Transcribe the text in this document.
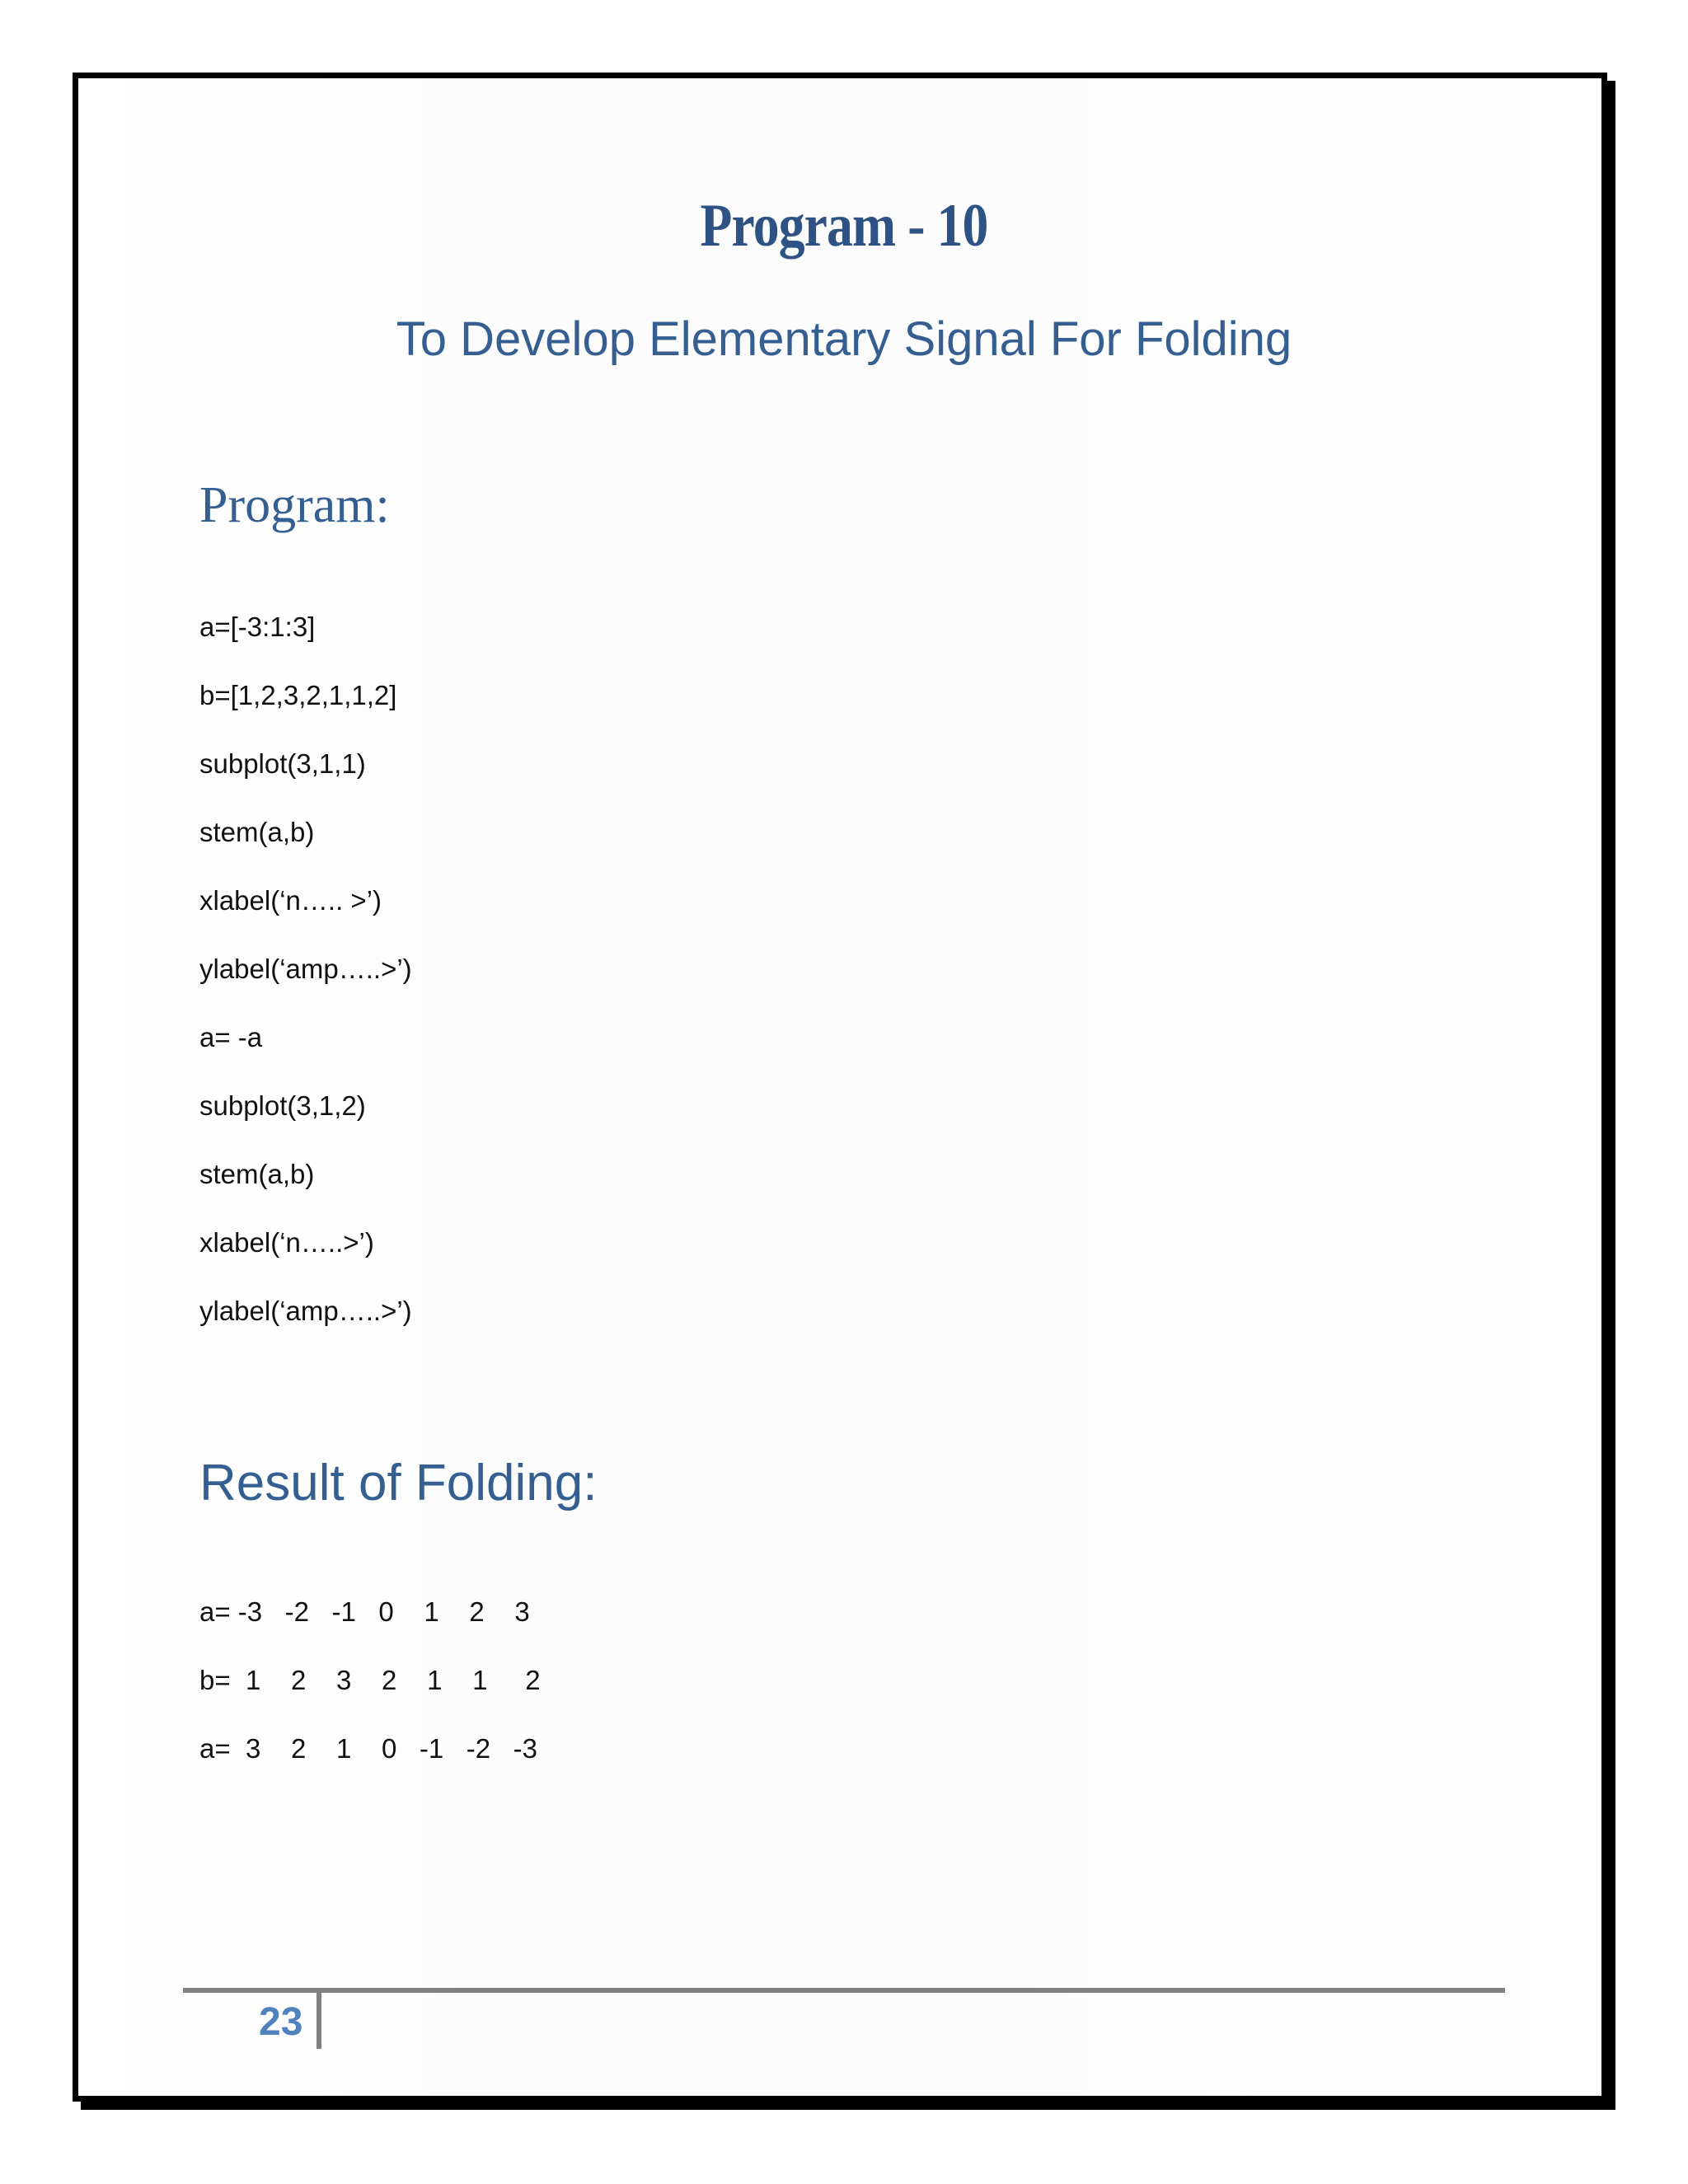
Program - 10
To Develop Elementary Signal For Folding
Program:
a=[-3:1:3]
b=[1,2,3,2,1,1,2]
subplot(3,1,1)
stem(a,b)
xlabel(‘n….. >’)
ylabel(‘amp…..>’)
a= -a
subplot(3,1,2)
stem(a,b)
xlabel(‘n…..>’)
ylabel(‘amp…..>’)
Result of Folding:
a= -3   -2   -1   0    1    2    3
b=  1    2    3    2    1    1     2
a=  3    2    1    0   -1   -2   -3
23
